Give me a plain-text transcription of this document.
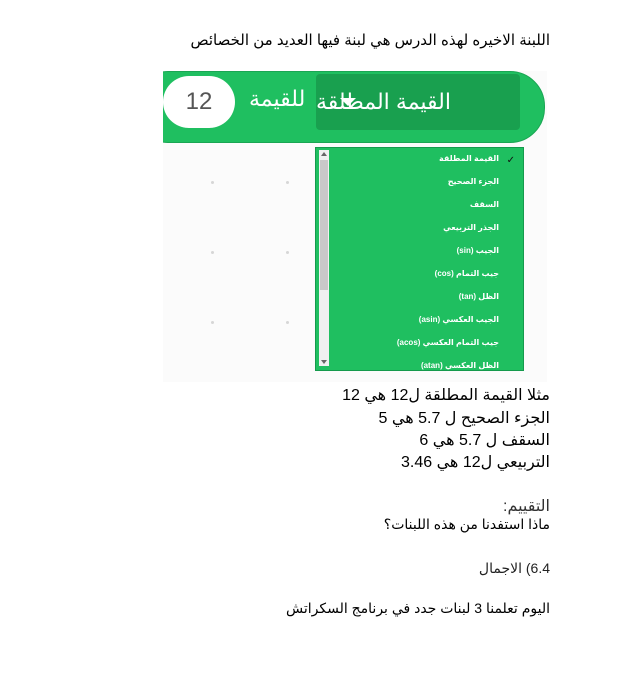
اللبنة الاخيره لهذه الدرس هي لبنة فيها العديد من الخصائص
12	للقيمة القيمة المطلقة
✓
القيمة المطلقة
الجزء الصحيح
السقف
الجذر التربيعي
الجيب (sin)
جيب التمام (cos)
الظل (tan)
الجيب العكسي (asin)
جيب التمام العكسي (acos)
الظل العكسي (atan)
مثلا القيمة المطلقة ل12 هي 12
الجزء الصحيح ل 5.7 هي 5
السقف ل 5.7 هي 6
التربيعي ل12 هي 3.46
التقييم:
ماذا استفدنا من هذه اللبنات؟
6.4) الاجمال
اليوم تعلمنا 3 لبنات جدد في برنامج السكراتش
